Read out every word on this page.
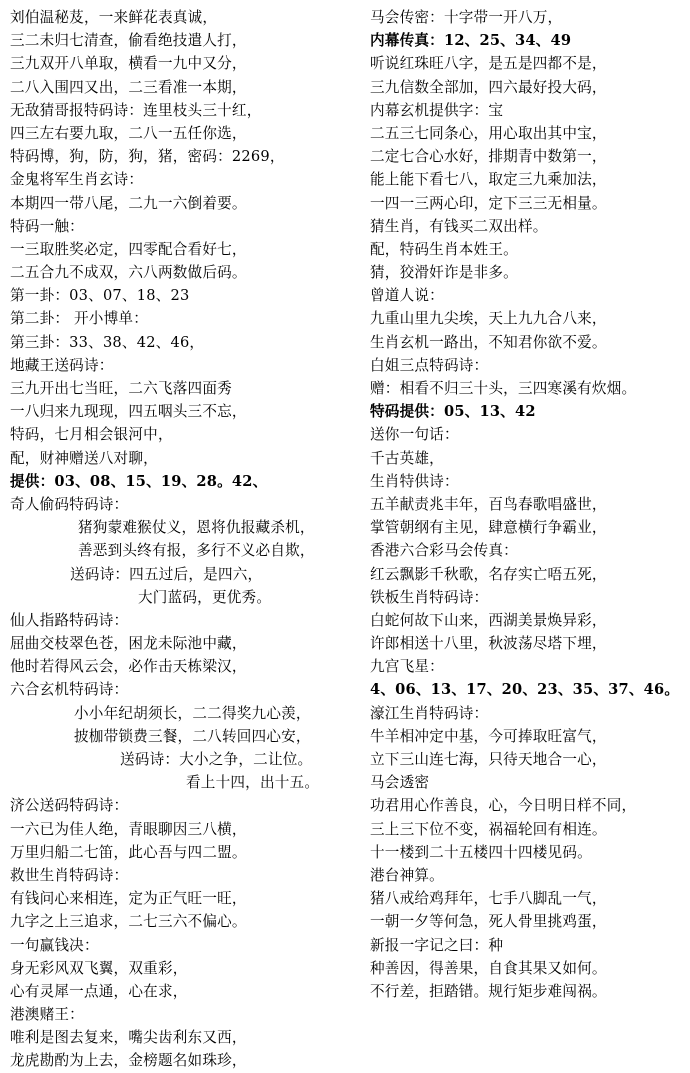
刘伯温秘芨，一来鲜花表真诚，
三二未归七清查，偷看绝技遣人打，
三九双开八单取，横看一九中又分，
二八入围四又出，二三看准一本期，
无敌猜哥报特码诗：连里枝头三十红，
四三左右要九取，二八一五任你选，
特码博，狗，防，狗，猪，密码：2269，
金鬼将军生肖玄诗：
本期四一带八尾，二九一六倒着要。
特码一触：
一三取胜奖必定，四零配合看好七，
二五合九不成双，六八两数做后码。
第一卦：03、07、18、23
第二卦： 开小博单：
第三卦：33、38、42、46，
地藏王送码诗：
三九开出七当旺，二六飞落四面秀
一八归来九现现，四五咽头三不忘，
特码，七月相会银河中，
配，财神赠送八对聊，
提供：03、08、15、19、28。42、
奇人偷码特码诗：
猪狗蒙难猴仗义，恩将仇报藏杀机，
善恶到头终有报，多行不义必自欺，
送码诗：四五过后，是四六，
大门蓝码，更优秀。
仙人指路特码诗：
屈曲交枝翠色苍，困龙未际池中藏，
他时若得风云会，必作击天栋梁汉，
六合玄机特码诗：
小小年纪胡须长，二二得奖九心羡，
披枷带锁费三餐，二八转回四心安，
送码诗：大小之争，二让位。
看上十四，出十五。
济公送码特码诗：
一六已为佳人绝，青眼聊因三八横，
万里归船二七笛，此心吾与四二盟。
救世生肖特码诗：
有钱问心来相连，定为正气旺一旺，
九字之上三追求，二七三六不偏心。
一句赢钱决：
身无彩风双飞翼，双重彩，
心有灵犀一点通，心在求，
港澳赌王：
唯利是图去复来，嘴尖齿利东又西，
龙虎勘酌为上去，金榜题名如珠珍，
马会传密：十字带一开八万，
内幕传真：12、25、34、49
听说红珠旺八字，是五是四都不是，
三九信数全部加，四六最好投大码，
内幕玄机提供字：宝
二五三七同条心，用心取出其中宝，
二定七合心水好，排期青中数第一，
能上能下看七八，取定三九乘加法，
一四一三两心印，定下三三无相量。
猜生肖，有钱买二双出样。
配，特码生肖本姓王。
猜，狡滑奸诈是非多。
曾道人说：
九重山里九尖埃，天上九九合八来，
生肖玄机一路出，不知君你欲不爱。
白姐三点特码诗：
赠：相看不归三十头，三四寒溪有炊烟。
特码提供：05、13、42
送你一句话：
千古英雄，
生肖特供诗：
五羊献责兆丰年，百鸟春歌唱盛世，
掌管朝纲有主见，肆意横行争霸业，
香港六合彩马会传真：
红云飘影千秋歌，名存实亡唔五死，
铁板生肖特码诗：
白蛇何故下山来，西湖美景焕异彩，
许郎相送十八里，秋波荡尽塔下埋，
九宫飞星：
4、06、13、17、20、23、35、37、46。
濠江生肖特码诗：
牛羊相冲定中基，今可捧取旺富气，
立下三山连七海，只待天地合一心，
马会透密
功君用心作善良，心，今日明日样不同，
三上三下位不变，祸福轮回有相连。
十一楼到二十五楼四十四楼见码。
港台神算。
猪八戒给鸡拜年，七手八脚乱一气，
一朝一夕等何急，死人骨里挑鸡蛋，
新报一字记之曰：种
种善因，得善果，自食其果又如何。
不行差，拒踏错。规行矩步难闯祸。
